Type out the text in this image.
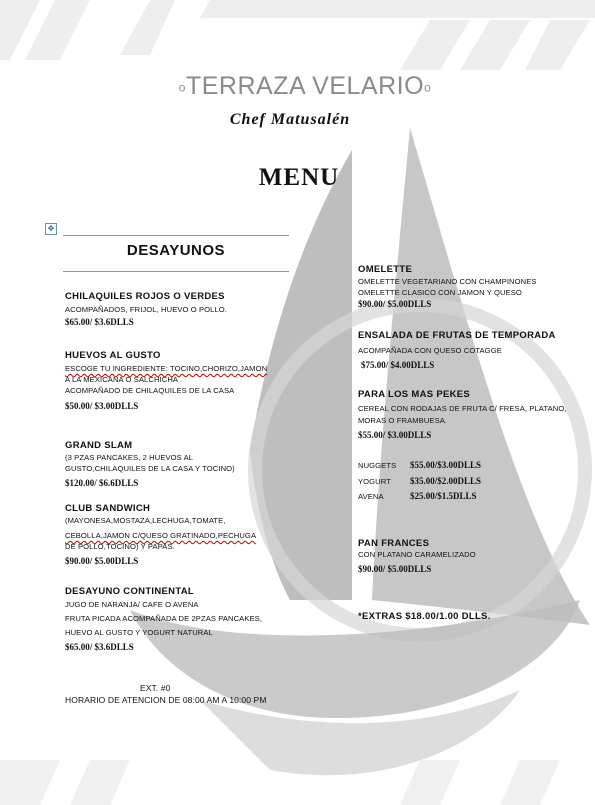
oTERRAZA VELARIOo
Chef Matusalén
MENU
✥
DESAYUNOS
CHILAQUILES ROJOS O VERDES
ACOMPAÑADOS, FRIJOL, HUEVO O POLLO.
$65.00/ $3.6DLLS
HUEVOS AL GUSTO
ESCOGE TU INGREDIENTE: TOCINO,CHORIZO,JAMON
A LA MEXICANA O SALCHICHA .
ACOMPAÑADO DE CHILAQUILES DE LA CASA
$50.00/ $3.00DLLS
GRAND SLAM
(3 PZAS PANCAKES, 2 HUEVOS AL
GUSTO,CHILAQUILES DE LA CASA Y TOCINO)
$120.00/ $6.6DLLS
CLUB SANDWICH
(MAYONESA,MOSTAZA,LECHUGA,TOMATE,
CEBOLLA,JAMON C/QUESO GRATINADO,PECHUGA
DE POLLO,TOCINO) Y PAPAS.
$90.00/ $5.00DLLS
DESAYUNO CONTINENTAL
JUGO DE NARANJA/ CAFE O AVENA
FRUTA PICADA ACOMPAÑADA DE 2PZAS PANCAKES,
HUEVO AL GUSTO Y YOGURT NATURAL
$65.00/ $3.6DLLS
EXT. #0
HORARIO DE ATENCION DE 08:00 AM A 10:00 PM
OMELETTE
OMELETTE VEGETARIANO CON CHAMPINONES
OMELETTE CLASICO CON JAMON Y QUESO
$90.00/ $5.00DLLS
ENSALADA DE FRUTAS DE TEMPORADA
ACOMPAÑADA CON QUESO COTAGGE
$75.00/ $4.00DLLS
PARA LOS MAS PEKES
CEREAL CON RODAJAS DE FRUTA C/ FRESA, PLATANO,
MORAS O FRAMBUESA.
$55.00/ $3.00DLLS
NUGGETS $55.00/$3.00DLLS
YOGURT $35.00/$2.00DLLS
AVENA	$25.00/$1.5DLLS
PAN FRANCES
CON PLATANO CARAMELIZADO
$90.00/ $5.00DLLS
*EXTRAS $18.00/1.00 DLLS.
